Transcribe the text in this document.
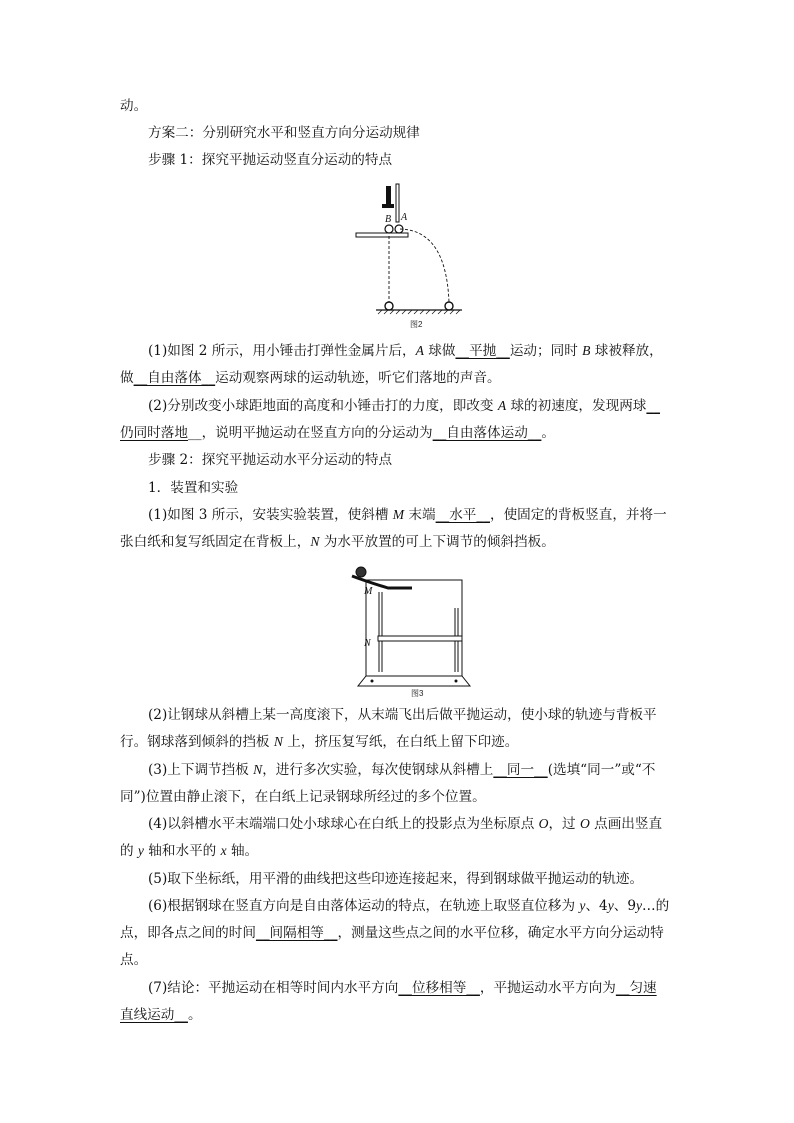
动。
方案二：分别研究水平和竖直方向分运动规律
步骤 1：探究平抛运动竖直分运动的特点
B A
图2
(1)如图 2 所示，用小锤击打弹性金属片后，A 球做__平抛__运动；同时 B 球被释放，
做__自由落体__运动观察两球的运动轨迹，听它们落地的声音。
(2)分别改变小球距地面的高度和小锤击打的力度，即改变 A 球的初速度，发现两球__
仍同时落地__，说明平抛运动在竖直方向的分运动为__自由落体运动__。
步骤 2：探究平抛运动水平分运动的特点
1．装置和实验
(1)如图 3 所示，安装实验装置，使斜槽 M 末端__水平__，使固定的背板竖直，并将一
张白纸和复写纸固定在背板上，N 为水平放置的可上下调节的倾斜挡板。
M
N
图3
(2)让钢球从斜槽上某一高度滚下，从末端飞出后做平抛运动，使小球的轨迹与背板平
行。钢球落到倾斜的挡板 N 上，挤压复写纸，在白纸上留下印迹。
(3)上下调节挡板 N，进行多次实验，每次使钢球从斜槽上__同一__(选填“同一”或“不
同”)位置由静止滚下，在白纸上记录钢球所经过的多个位置。
(4)以斜槽水平末端端口处小球球心在白纸上的投影点为坐标原点 O，过 O 点画出竖直
的 y 轴和水平的 x 轴。
(5)取下坐标纸，用平滑的曲线把这些印迹连接起来，得到钢球做平抛运动的轨迹。
(6)根据钢球在竖直方向是自由落体运动的特点，在轨迹上取竖直位移为 y、4y、9y…的
点，即各点之间的时间__间隔相等__，测量这些点之间的水平位移，确定水平方向分运动特
点。
(7)结论：平抛运动在相等时间内水平方向__位移相等__，平抛运动水平方向为__匀速
直线运动__。
